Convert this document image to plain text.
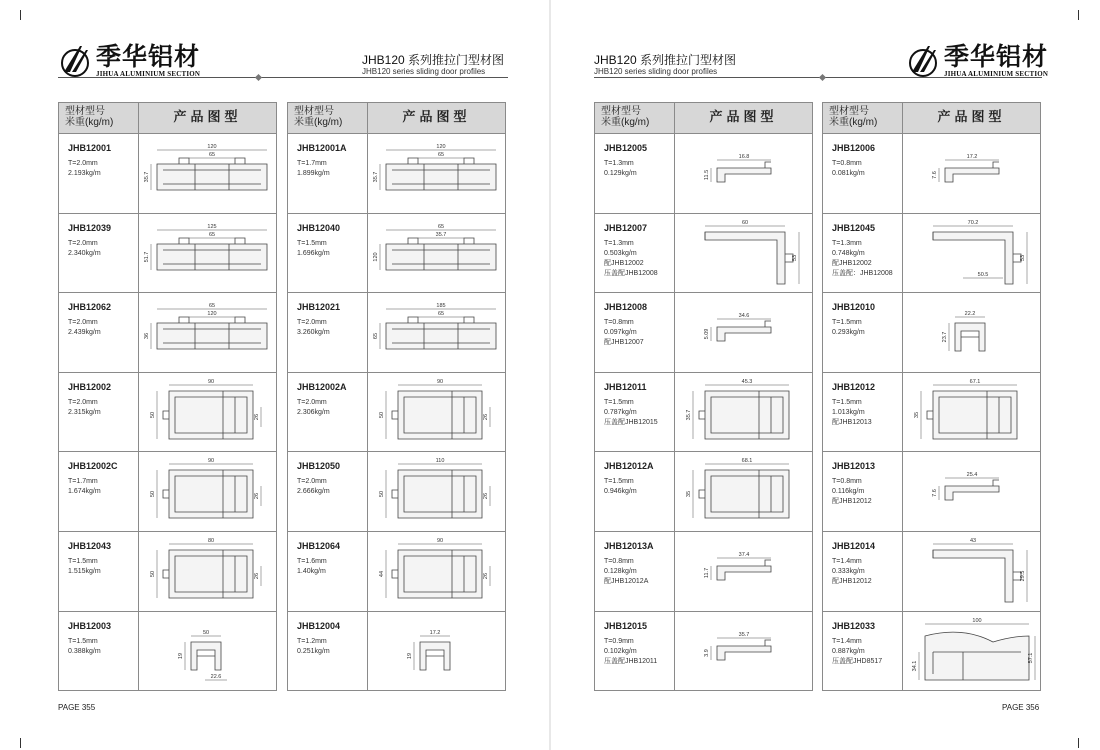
季华铝材
JIHUA ALUMINIUM SECTION
JHB120 系列推拉门型材图
JHB120 series sliding door profiles
型材型号
米重(kg/m)	产品图型
JHB12001
T=2.0mm
2.193kg/m
120
65
35.7
JHB12039
T=2.0mm
2.340kg/m
125
65
51.7
JHB12062
T=2.0mm
2.439kg/m
65
120
36
JHB12002
T=2.0mm
2.315kg/m
90
50	26
JHB12002C
T=1.7mm
1.674kg/m
90
50	26
JHB12043
T=1.5mm
1.515kg/m
80
50	26
JHB12003
T=1.5mm
0.388kg/m
50
19
22.6
型材型号
米重(kg/m)	产品图型
JHB12001A
T=1.7mm
1.899kg/m
120
65
35.7
JHB12040
T=1.5mm
1.696kg/m
65
35.7
120
JHB12021
T=2.0mm
3.260kg/m
185
65
65
JHB12002A
T=2.0mm
2.306kg/m
90
50	26
JHB12050
T=2.0mm
2.666kg/m
110
50	26
JHB12064
T=1.6mm
1.40kg/m
90
44	26
JHB12004
T=1.2mm
0.251kg/m
17.2
19
PAGE 355
JHB120 系列推拉门型材图
JHB120 series sliding door profiles
季华铝材
JIHUA ALUMINIUM SECTION
型材型号
米重(kg/m)	产品图型
JHB12005
T=1.3mm
0.129kg/m
16.8
11.5
JHB12007
T=1.3mm
0.503kg/m
配JHB12002
压盖配JHB12008
60
53
JHB12008
T=0.8mm
0.097kg/m
配JHB12007
34.6
5.09
JHB12011
T=1.5mm
0.787kg/m
压盖配JHB12015
45.3
35.7
JHB12012A
T=1.5mm
0.946kg/m
68.1
35
JHB12013A
T=0.8mm
0.128kg/m
配JHB12012A
37.4
11.7
JHB12015
T=0.9mm
0.102kg/m
压盖配JHB12011
35.7
3.9
型材型号
米重(kg/m)	产品图型
JHB12006
T=0.8mm
0.081kg/m
17.2
7.6
JHB12045
T=1.3mm
0.748kg/m
配JHB12002
压盖配：JHB12008
70.2
53
50.5
JHB12010
T=1.5mm
0.293kg/m
22.2
23.7
JHB12012
T=1.5mm
1.013kg/m
配JHB12013
67.1
35
JHB12013
T=0.8mm
0.116kg/m
配JHB12012
25.4
7.6
JHB12014
T=1.4mm
0.333kg/m
配JHB12012
43
29.5
JHB12033
T=1.4mm
0.887kg/m
压盖配JHD8517
100
34.1
57.1
PAGE 356
